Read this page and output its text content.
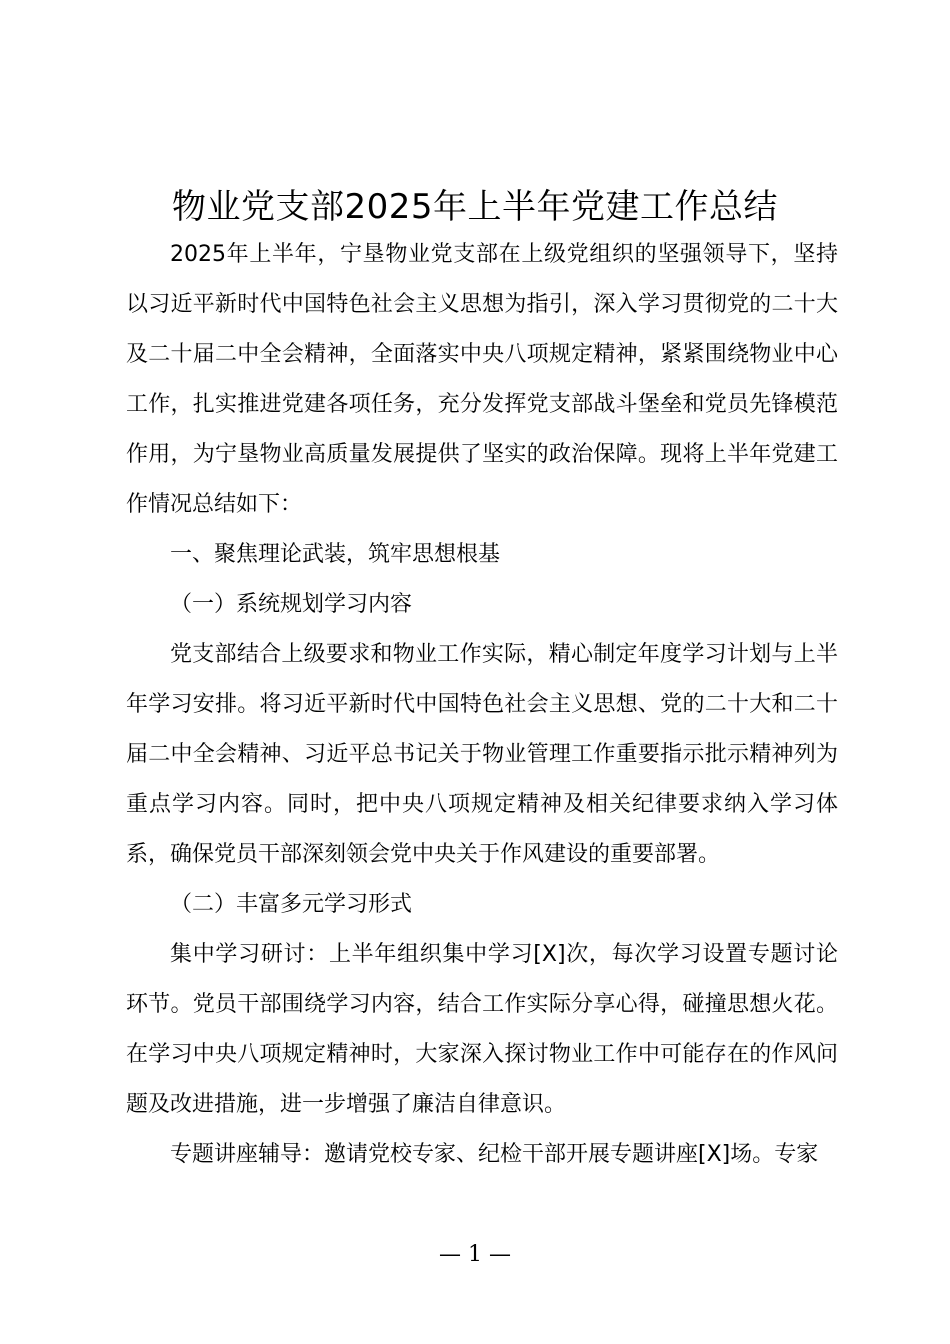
物业党支部2025年上半年党建工作总结

2025年上半年，宁垦物业党支部在上级党组织的坚强领导下，坚持以习近平新时代中国特色社会主义思想为指引，深入学习贯彻党的二十大及二十届二中全会精神，全面落实中央八项规定精神，紧紧围绕物业中心工作，扎实推进党建各项任务，充分发挥党支部战斗堡垒和党员先锋模范作用，为宁垦物业高质量发展提供了坚实的政治保障。现将上半年党建工作情况总结如下：

一、聚焦理论武装，筑牢思想根基

（一）系统规划学习内容

党支部结合上级要求和物业工作实际，精心制定年度学习计划与上半年学习安排。将习近平新时代中国特色社会主义思想、党的二十大和二十届二中全会精神、习近平总书记关于物业管理工作重要指示批示精神列为重点学习内容。同时，把中央八项规定精神及相关纪律要求纳入学习体系，确保党员干部深刻领会党中央关于作风建设的重要部署。

（二）丰富多元学习形式

集中学习研讨：上半年组织集中学习[X]次，每次学习设置专题讨论环节。党员干部围绕学习内容，结合工作实际分享心得，碰撞思想火花。在学习中央八项规定精神时，大家深入探讨物业工作中可能存在的作风问题及改进措施，进一步增强了廉洁自律意识。

专题讲座辅导：邀请党校专家、纪检干部开展专题讲座[X]场。专家

— 1 —
